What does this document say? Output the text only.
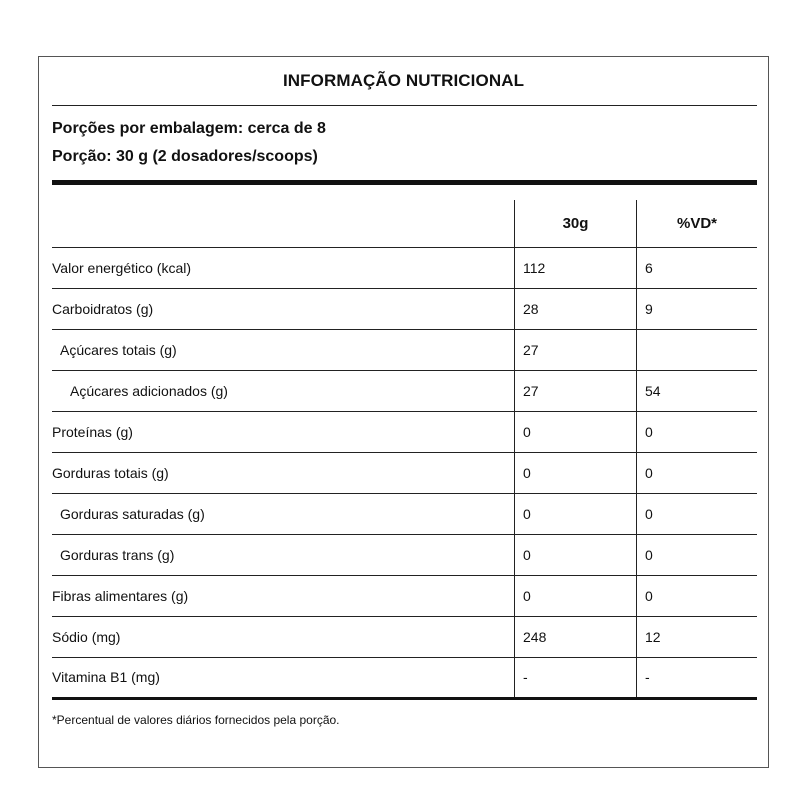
INFORMAÇÃO NUTRICIONAL
Porções por embalagem: cerca de 8
Porção: 30 g (2 dosadores/scoops)
	30g	%VD*
Valor energético (kcal)	112	6
Carboidratos (g)	28	9
Açúcares totais (g)	27	
Açúcares adicionados (g)	27	54
Proteínas (g)	0	0
Gorduras totais (g)	0	0
Gorduras saturadas (g)	0	0
Gorduras trans (g)	0	0
Fibras alimentares (g)	0	0
Sódio (mg)	248	12
Vitamina B1 (mg)	-	-
*Percentual de valores diários fornecidos pela porção.
